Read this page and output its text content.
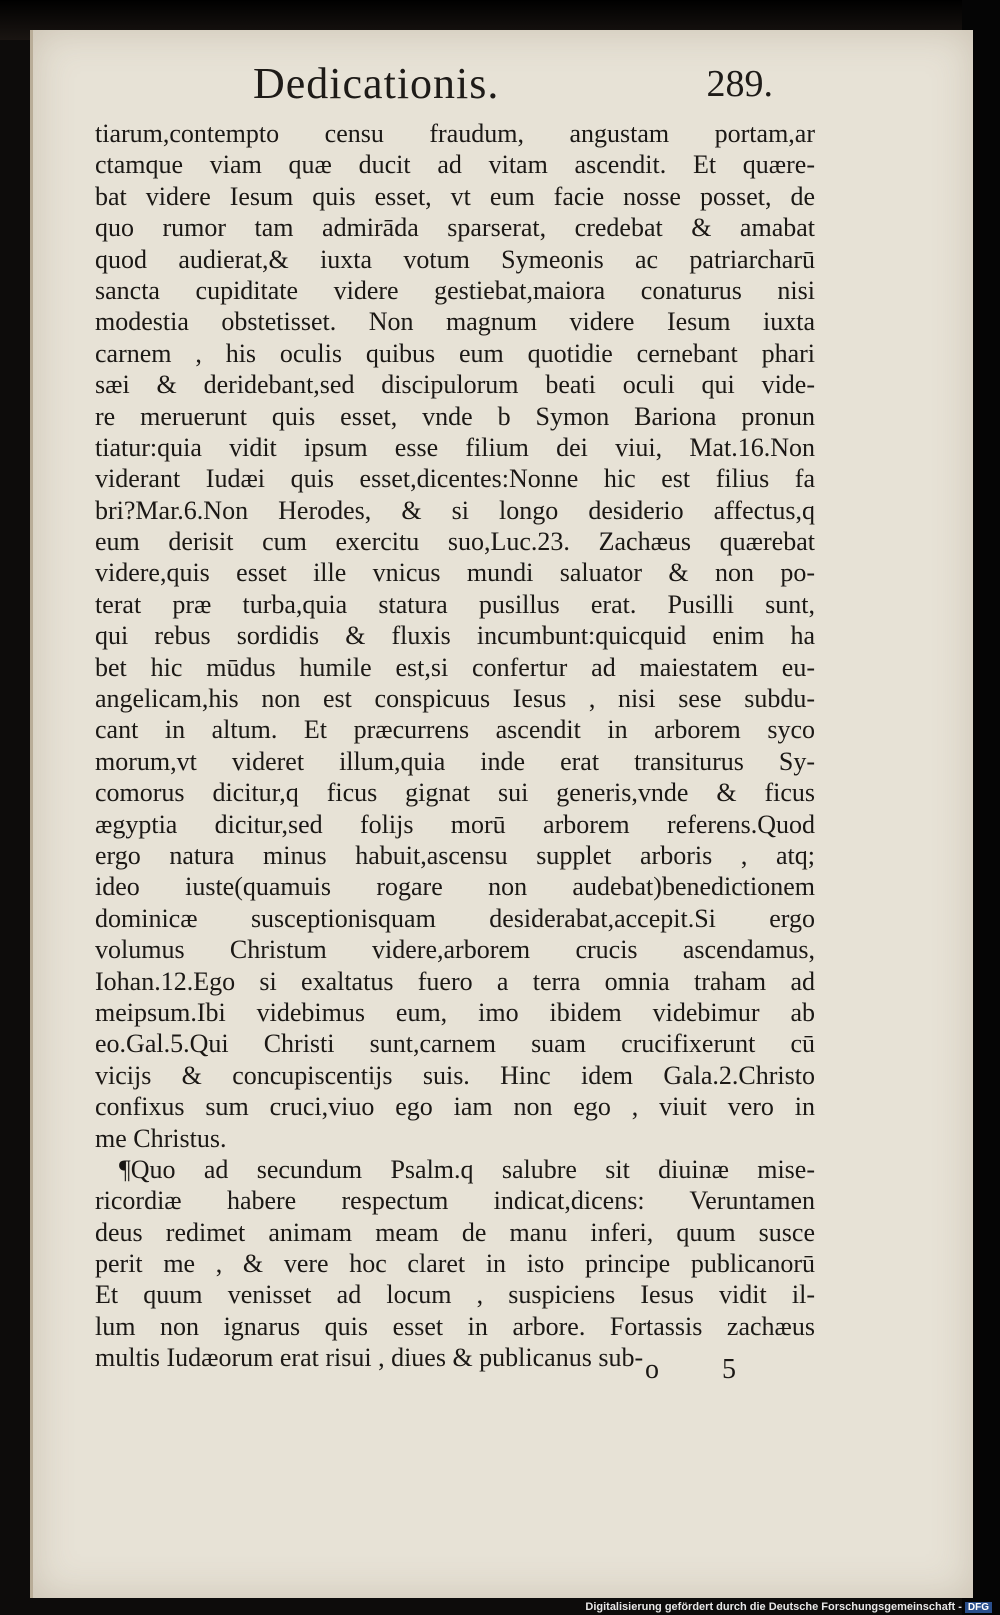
Dedicationis.	289.
tiarum,contempto censu fraudum, angustam portam,ar
ctamque viam quæ ducit ad vitam ascendit. Et quære-
bat videre Iesum quis esset, vt eum facie nosse posset, de
quo rumor tam admirāda sparserat, credebat & amabat
quod audierat,& iuxta votum Symeonis ac patriarcharū
sancta cupiditate videre gestiebat,maiora conaturus nisi
modestia obstetisset. Non magnum videre Iesum iuxta
carnem , his oculis quibus eum quotidie cernebant phari
sæi & deridebant,sed discipulorum beati oculi qui vide-
re meruerunt quis esset, vnde b Symon Bariona pronun
tiatur:quia vidit ipsum esse filium dei viui, Mat.16.Non
viderant Iudæi quis esset,dicentes:Nonne hic est filius fa
bri?Mar.6.Non Herodes, & si longo desiderio affectus,q
eum derisit cum exercitu suo,Luc.23. Zachæus quærebat
videre,quis esset ille vnicus mundi saluator & non po-
terat præ turba,quia statura pusillus erat. Pusilli sunt,
qui rebus sordidis & fluxis incumbunt:quicquid enim ha
bet hic mūdus humile est,si confertur ad maiestatem eu-
angelicam,his non est conspicuus Iesus , nisi sese subdu-
cant in altum. Et præcurrens ascendit in arborem syco
morum,vt videret illum,quia inde erat transiturus Sy-
comorus dicitur,q ficus gignat sui generis,vnde & ficus
ægyptia dicitur,sed folijs morū arborem referens.Quod
ergo natura minus habuit,ascensu supplet arboris , atq;
ideo iuste(quamuis rogare non audebat)benedictionem
dominicæ susceptionisquam desiderabat,accepit.Si ergo
volumus Christum videre,arborem crucis ascendamus,
Iohan.12.Ego si exaltatus fuero a terra omnia traham ad
meipsum.Ibi videbimus eum, imo ibidem videbimur ab
eo.Gal.5.Qui Christi sunt,carnem suam crucifixerunt cū
vicijs & concupiscentijs suis. Hinc idem Gala.2.Christo
confixus sum cruci,viuo ego iam non ego , viuit vero in
me Christus.
¶Quo ad secundum Psalm.q salubre sit diuinæ mise-
ricordiæ habere respectum indicat,dicens: Veruntamen
deus redimet animam meam de manu inferi, quum susce
perit me , & vere hoc claret in isto principe publicanorū
Et quum venisset ad locum , suspiciens Iesus vidit il-
lum non ignarus quis esset in arbore. Fortassis zachæus
multis Iudæorum erat risui , diues & publicanus sub- o 5
Digitalisierung gefördert durch die Deutsche Forschungsgemeinschaft - DFG
